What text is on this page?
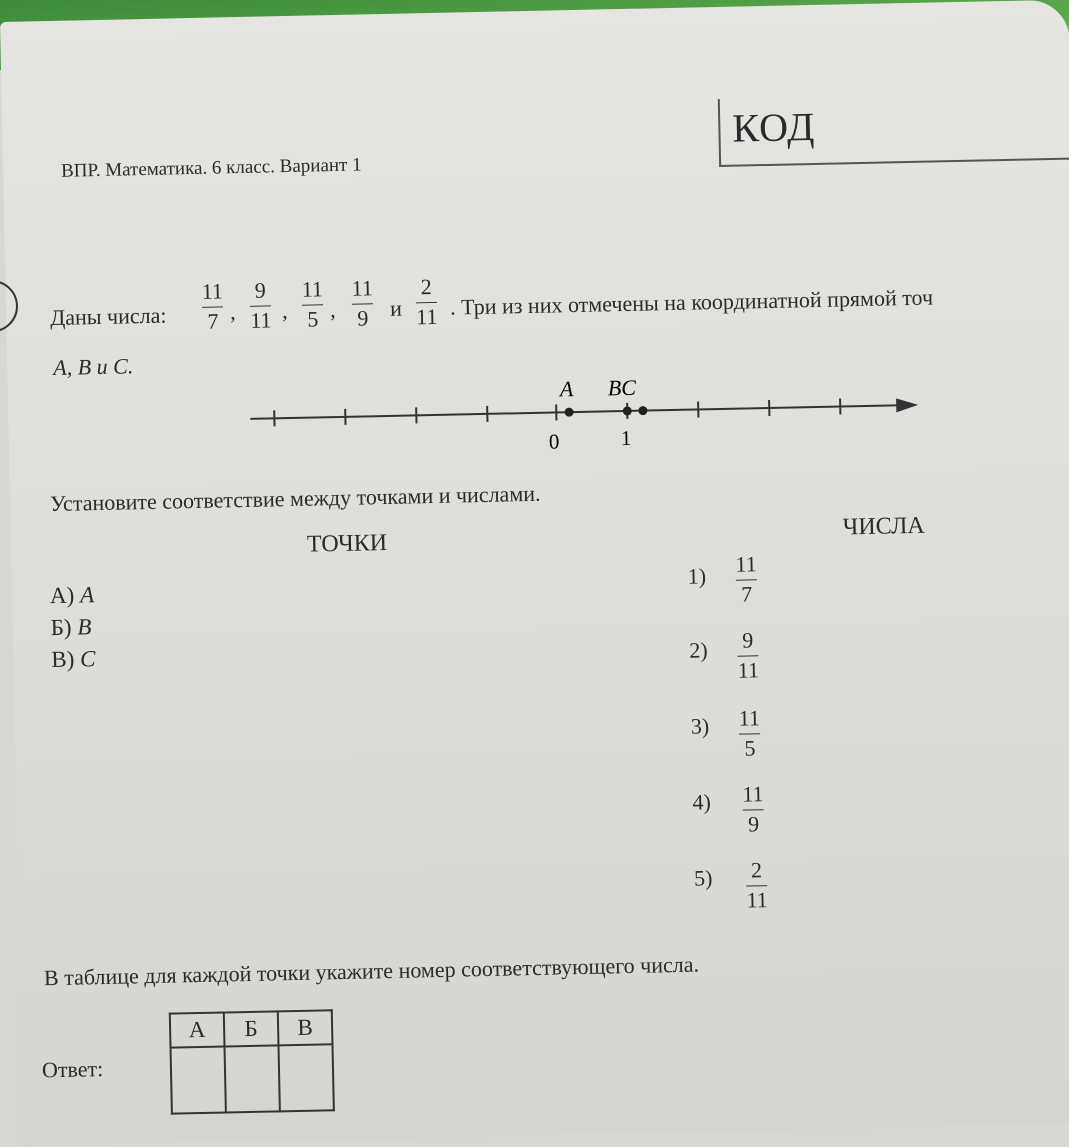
ВПР. Математика. 6 класс. Вариант 1
КОД
Даны числа:
11
7 ,
9
11 ,
11
5 ,
11
9 и
2
11 . Три из них отмечены на координатной прямой точ
A, B и C.
A BC
0	1
Установите соответствие между точками и числами.
ТОЧКИ
ЧИСЛА
А) A
Б) B
В) C
1) 11
7
2) 9
11
3) 11
5
4) 11
9
5) 2
11
В таблице для каждой точки укажите номер соответствующего числа.
Ответ:
А	Б	В
